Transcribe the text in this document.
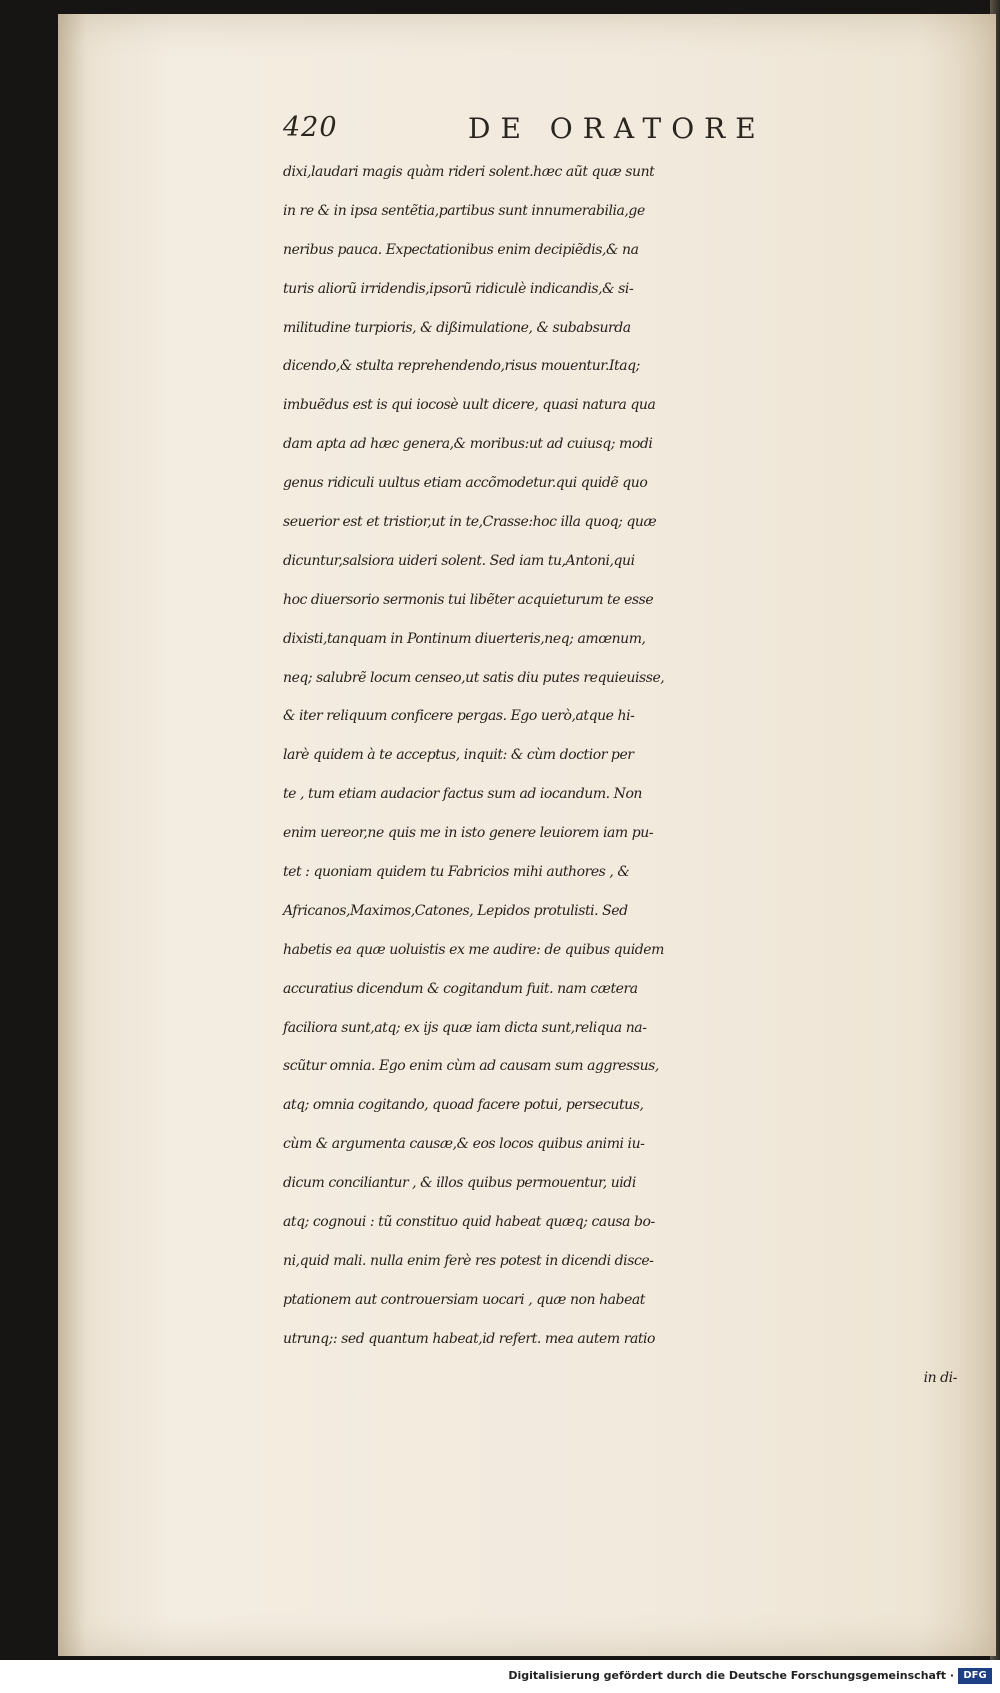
420	DE ORATORE
dixi,laudari magis quàm rideri solent.hæc aũt quæ sunt
in re & in ipsa sentẽtia,partibus sunt innumerabilia,ge
neribus pauca. Expectationibus enim decipiẽdis,& na
turis aliorũ irridendis,ipsorũ ridiculè indicandis,& si-
militudine turpioris, & dißimulatione, & subabsurda
dicendo,& stulta reprehendendo,risus mouentur.Itaq;
imbuẽdus est is qui iocosè uult dicere, quasi natura qua
dam apta ad hæc genera,& moribus:ut ad cuiusq; modi
genus ridiculi uultus etiam accõmodetur.qui quidẽ quo
seuerior est et tristior,ut in te,Crasse:hoc illa quoq; quæ
dicuntur,salsiora uideri solent. Sed iam tu,Antoni,qui
hoc diuersorio sermonis tui libẽter acquieturum te esse
dixisti,tanquam in Pontinum diuerteris,neq; amœnum,
neq; salubrẽ locum censeo,ut satis diu putes requieuisse,
& iter reliquum conficere pergas. Ego uerò,atque hi-
larè quidem à te acceptus, inquit: & cùm doctior per
te , tum etiam audacior factus sum ad iocandum. Non
enim uereor,ne quis me in isto genere leuiorem iam pu-
tet : quoniam quidem tu Fabricios mihi authores , &
Africanos,Maximos,Catones, Lepidos protulisti. Sed
habetis ea quæ uoluistis ex me audire: de quibus quidem
accuratius dicendum & cogitandum fuit. nam cætera
faciliora sunt,atq; ex ijs quæ iam dicta sunt,reliqua na-
scũtur omnia. Ego enim cùm ad causam sum aggressus,
atq; omnia cogitando, quoad facere potui, persecutus,
cùm & argumenta causæ,& eos locos quibus animi iu-
dicum conciliantur , & illos quibus permouentur, uidi
atq; cognoui : tũ constituo quid habeat quæq; causa bo-
ni,quid mali. nulla enim ferè res potest in dicendi disce-
ptationem aut controuersiam uocari , quæ non habeat
utrunq;: sed quantum habeat,id refert. mea autem ratio
in di-
Digitalisierung gefördert durch die Deutsche Forschungsgemeinschaft · DFG
